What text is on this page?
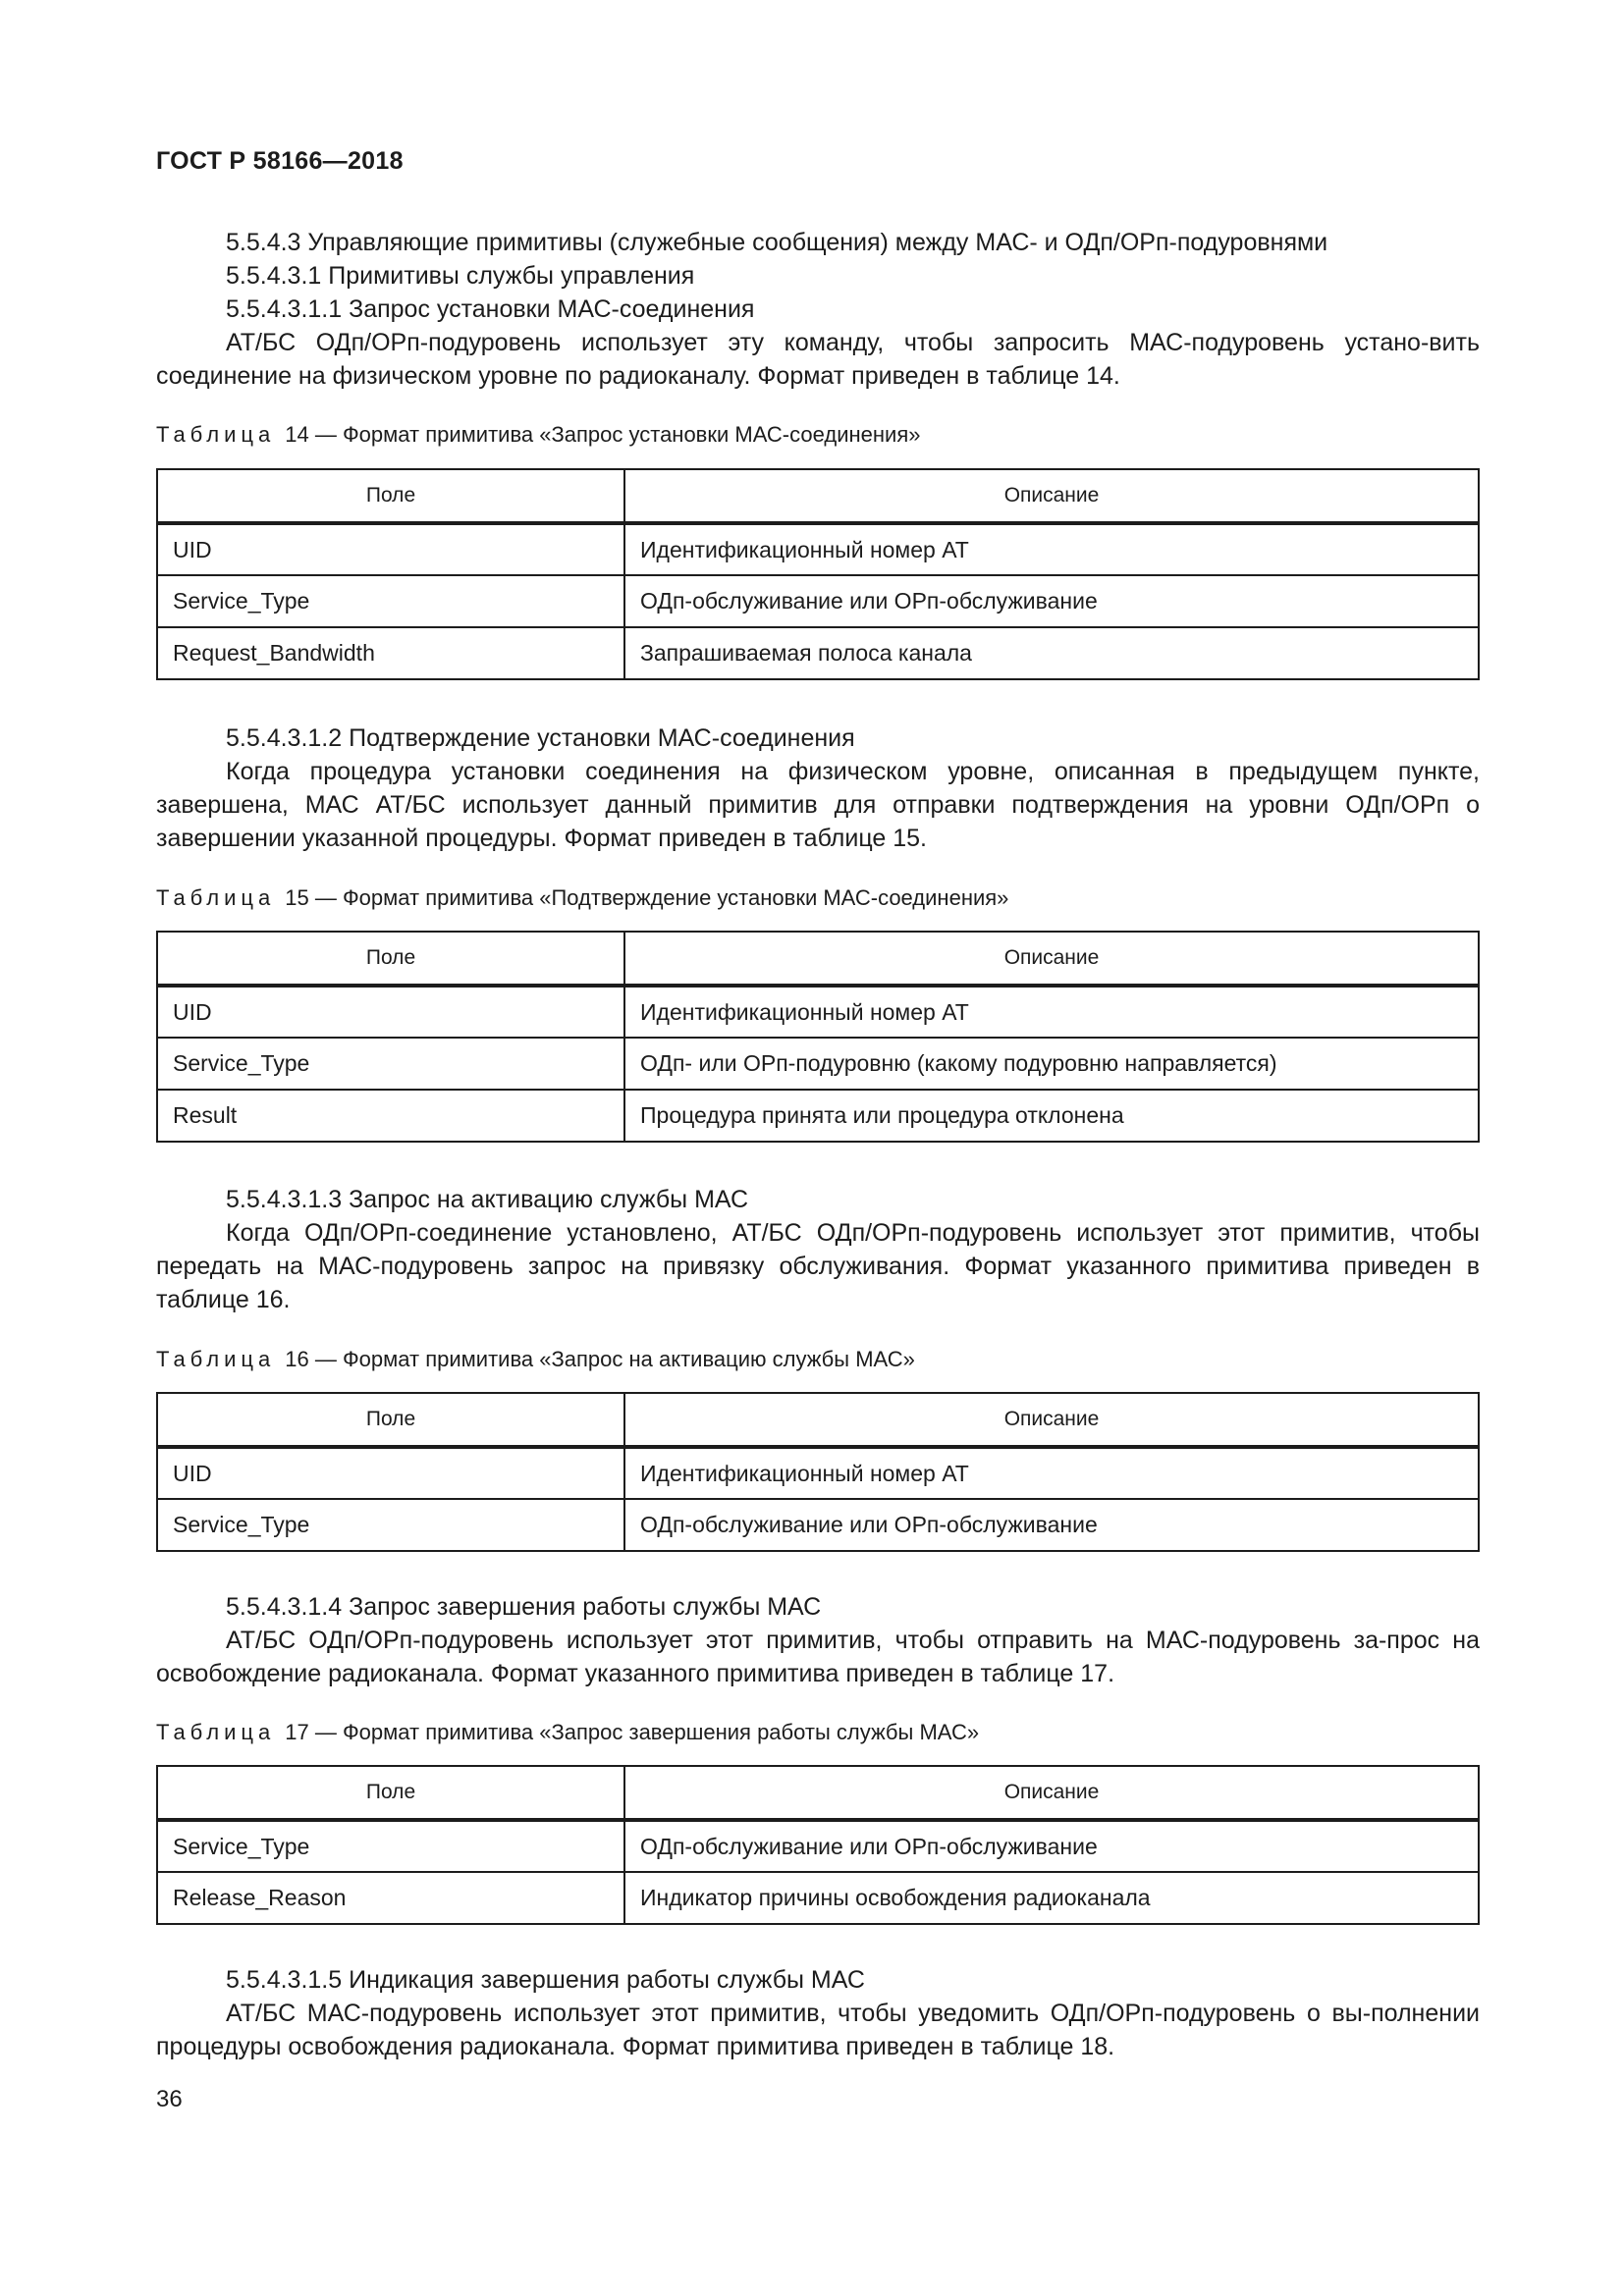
ГОСТ Р 58166—2018

5.5.4.3 Управляющие примитивы (служебные сообщения) между МАС- и ОДп/ОРп-подуровнями

5.5.4.3.1 Примитивы службы управления

5.5.4.3.1.1 Запрос установки МАС-соединения

АТ/БС ОДп/ОРп-подуровень использует эту команду, чтобы запросить МАС-подуровень устано-вить соединение на физическом уровне по радиоканалу. Формат приведен в таблице 14.

Таблица 14 — Формат примитива «Запрос установки МАС-соединения»
Поле	Описание
UID	Идентификационный номер АТ
Service_Type	ОДп-обслуживание или ОРп-обслуживание
Request_Bandwidth	Запрашиваемая полоса канала

5.5.4.3.1.2 Подтверждение установки МАС-соединения

Когда процедура установки соединения на физическом уровне, описанная в предыдущем пункте, завершена, МАС АТ/БС использует данный примитив для отправки подтверждения на уровни ОДп/ОРп о завершении указанной процедуры. Формат приведен в таблице 15.

Таблица 15 — Формат примитива «Подтверждение установки МАС-соединения»
Поле	Описание
UID	Идентификационный номер АТ
Service_Type	ОДп- или ОРп-подуровню (какому подуровню направляется)
Result	Процедура принята или процедура отклонена

5.5.4.3.1.3 Запрос на активацию службы МАС

Когда ОДп/ОРп-соединение установлено, АТ/БС ОДп/ОРп-подуровень использует этот примитив, чтобы передать на МАС-подуровень запрос на привязку обслуживания. Формат указанного примитива приведен в таблице 16.

Таблица 16 — Формат примитива «Запрос на активацию службы МАС»
Поле	Описание
UID	Идентификационный номер АТ
Service_Type	ОДп-обслуживание или ОРп-обслуживание

5.5.4.3.1.4 Запрос завершения работы службы МАС

АТ/БС ОДп/ОРп-подуровень использует этот примитив, чтобы отправить на МАС-подуровень за-прос на освобождение радиоканала. Формат указанного примитива приведен в таблице 17.

Таблица 17 — Формат примитива «Запрос завершения работы службы МАС»
Поле	Описание
Service_Type	ОДп-обслуживание или ОРп-обслуживание
Release_Reason	Индикатор причины освобождения радиоканала

5.5.4.3.1.5 Индикация завершения работы службы МАС

АТ/БС МАС-подуровень использует этот примитив, чтобы уведомить ОДп/ОРп-подуровень о вы-полнении процедуры освобождения радиоканала. Формат примитива приведен в таблице 18.

36
